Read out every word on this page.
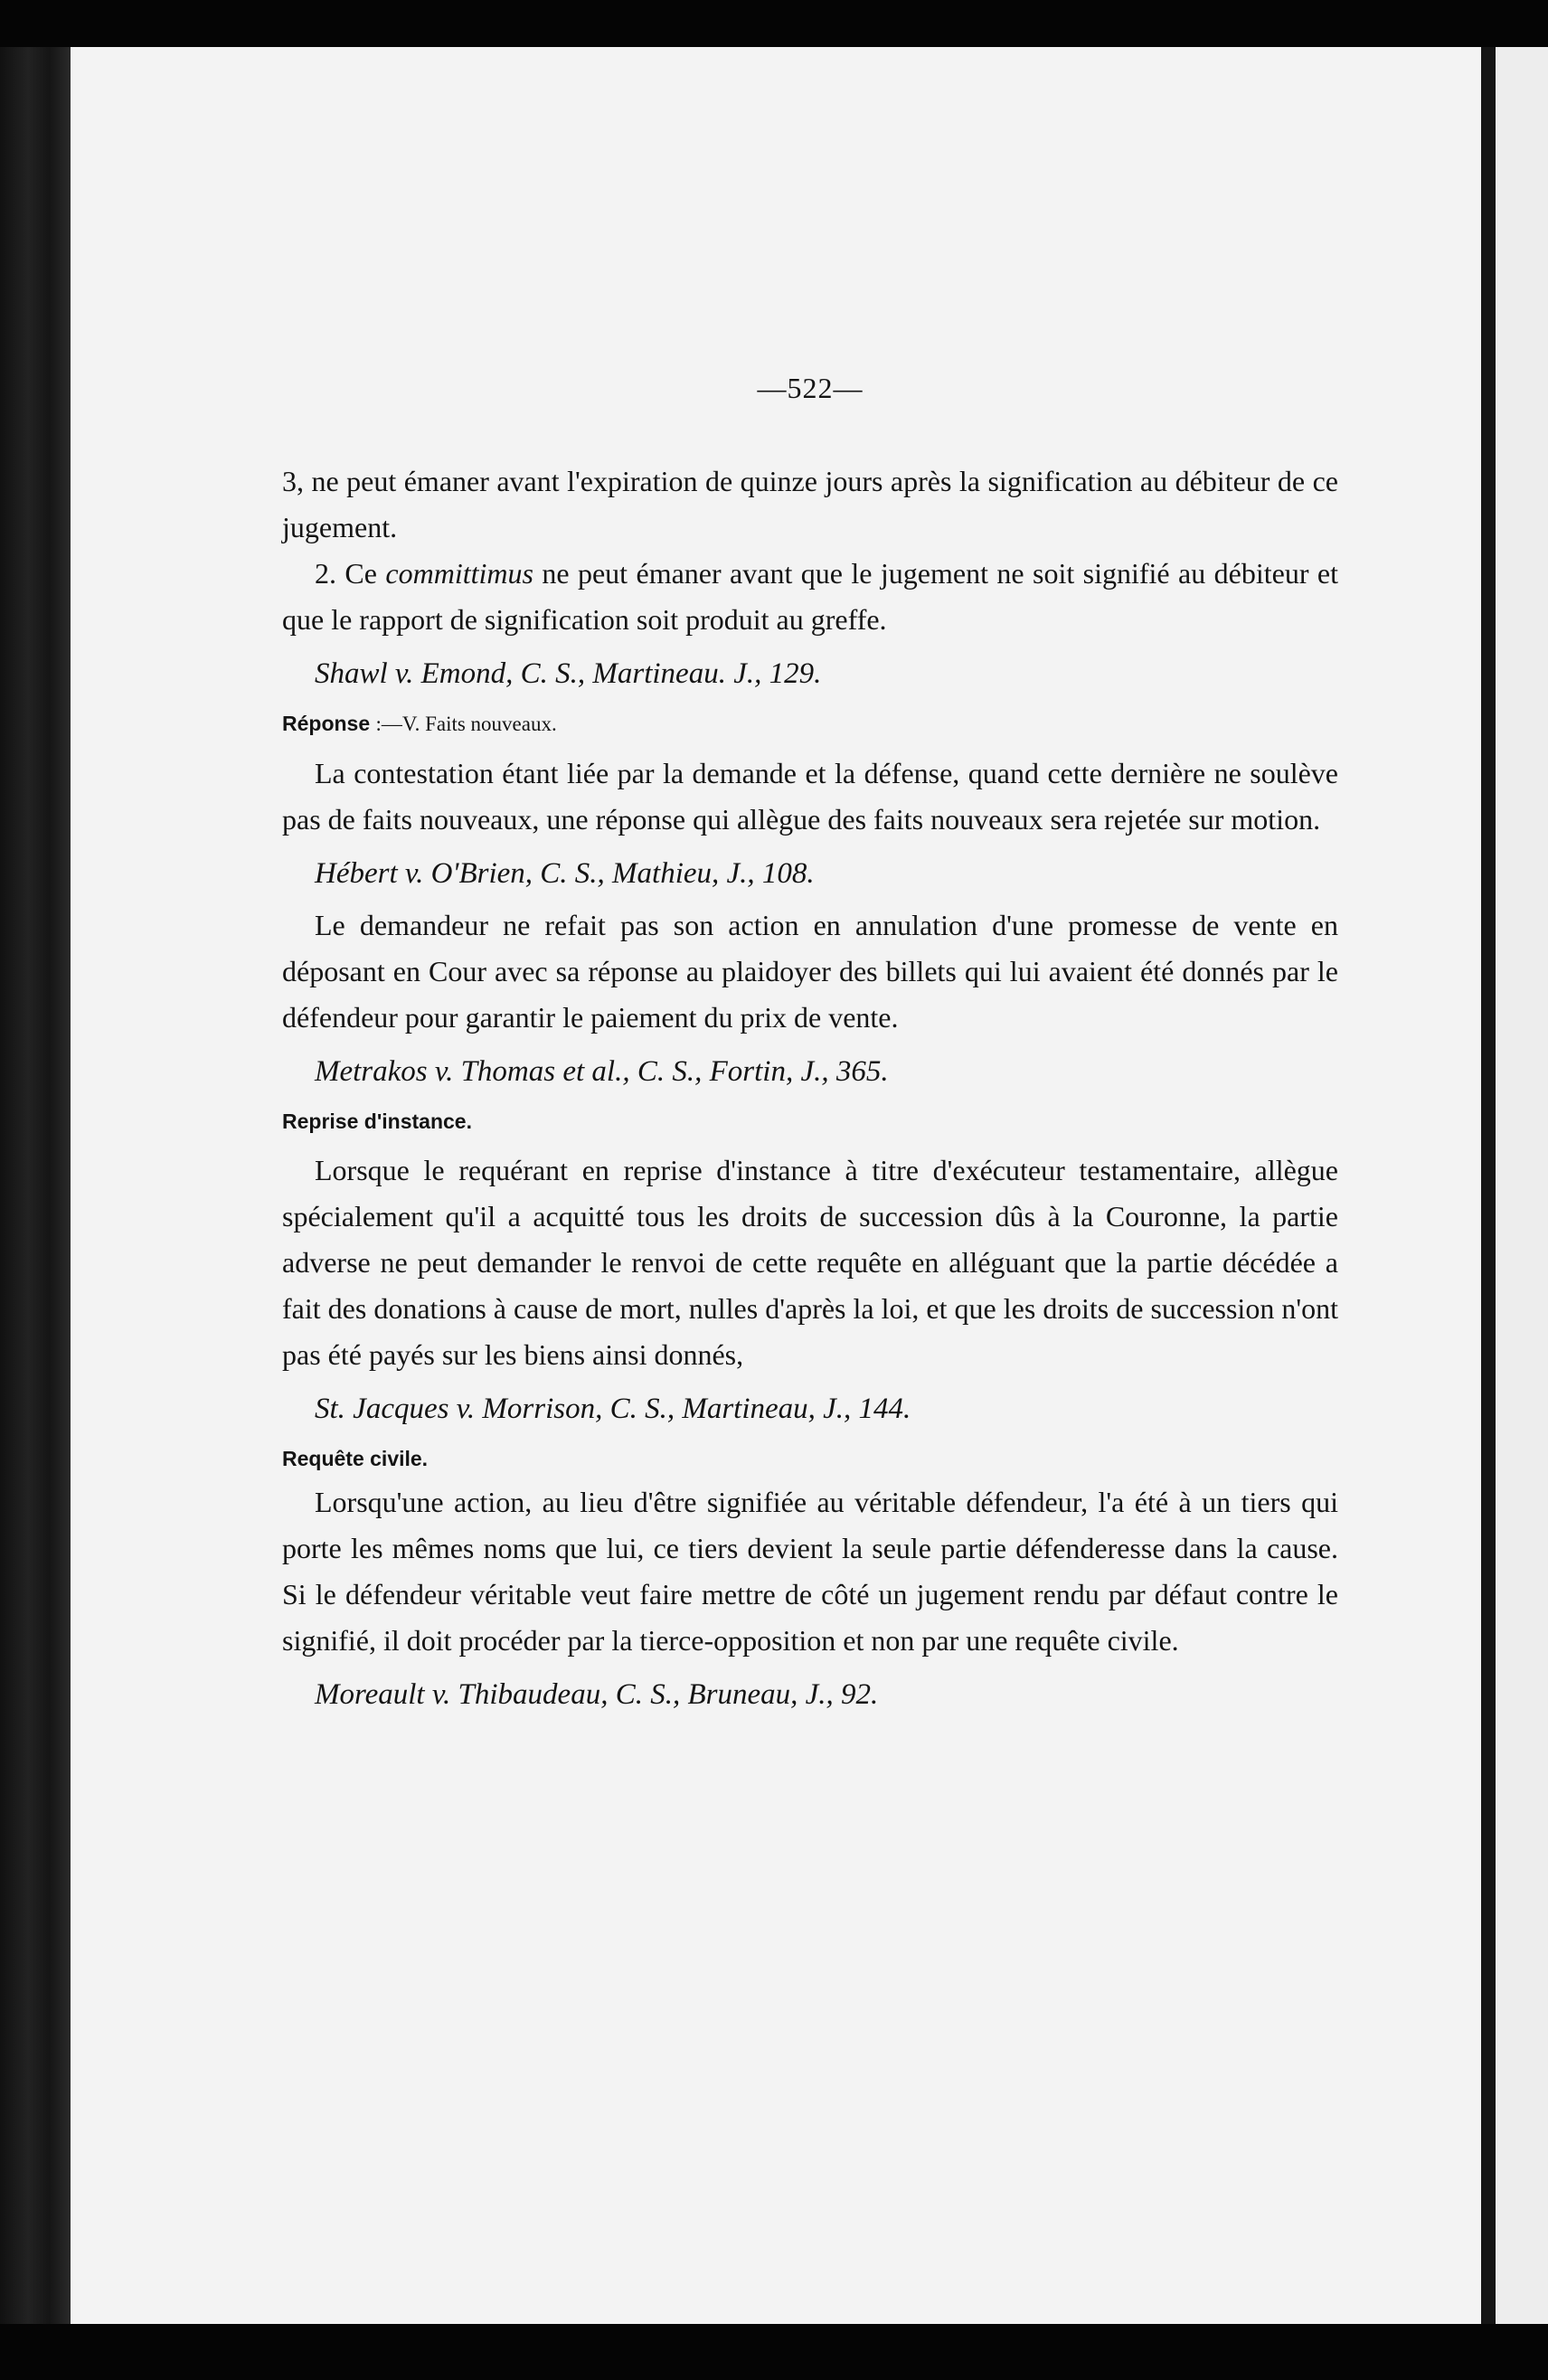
—522—

3, ne peut émaner avant l'expiration de quinze jours après la signification au débiteur de ce jugement.

2. Ce committimus ne peut émaner avant que le jugement ne soit signifié au débiteur et que le rapport de signification soit produit au greffe.

Shawl v. Emond, C. S., Martineau. J., 129.

Réponse :—V. Faits nouveaux.

La contestation étant liée par la demande et la défense, quand cette dernière ne soulève pas de faits nouveaux, une réponse qui allègue des faits nouveaux sera rejetée sur motion.

Hébert v. O'Brien, C. S., Mathieu, J., 108.

Le demandeur ne refait pas son action en annulation d'une promesse de vente en déposant en Cour avec sa réponse au plaidoyer des billets qui lui avaient été donnés par le défendeur pour garantir le paiement du prix de vente.

Metrakos v. Thomas et al., C. S., Fortin, J., 365.

Reprise d'instance.

Lorsque le requérant en reprise d'instance à titre d'exécuteur testamentaire, allègue spécialement qu'il a acquitté tous les droits de succession dûs à la Couronne, la partie adverse ne peut demander le renvoi de cette requête en alléguant que la partie décédée a fait des donations à cause de mort, nulles d'après la loi, et que les droits de succession n'ont pas été payés sur les biens ainsi donnés,

St. Jacques v. Morrison, C. S., Martineau, J., 144.

Requête civile.

Lorsqu'une action, au lieu d'être signifiée au véritable défendeur, l'a été à un tiers qui porte les mêmes noms que lui, ce tiers devient la seule partie défenderesse dans la cause. Si le défendeur véritable veut faire mettre de côté un jugement rendu par défaut contre le signifié, il doit procéder par la tierce-opposition et non par une requête civile.

Moreault v. Thibaudeau, C. S., Bruneau, J., 92.
